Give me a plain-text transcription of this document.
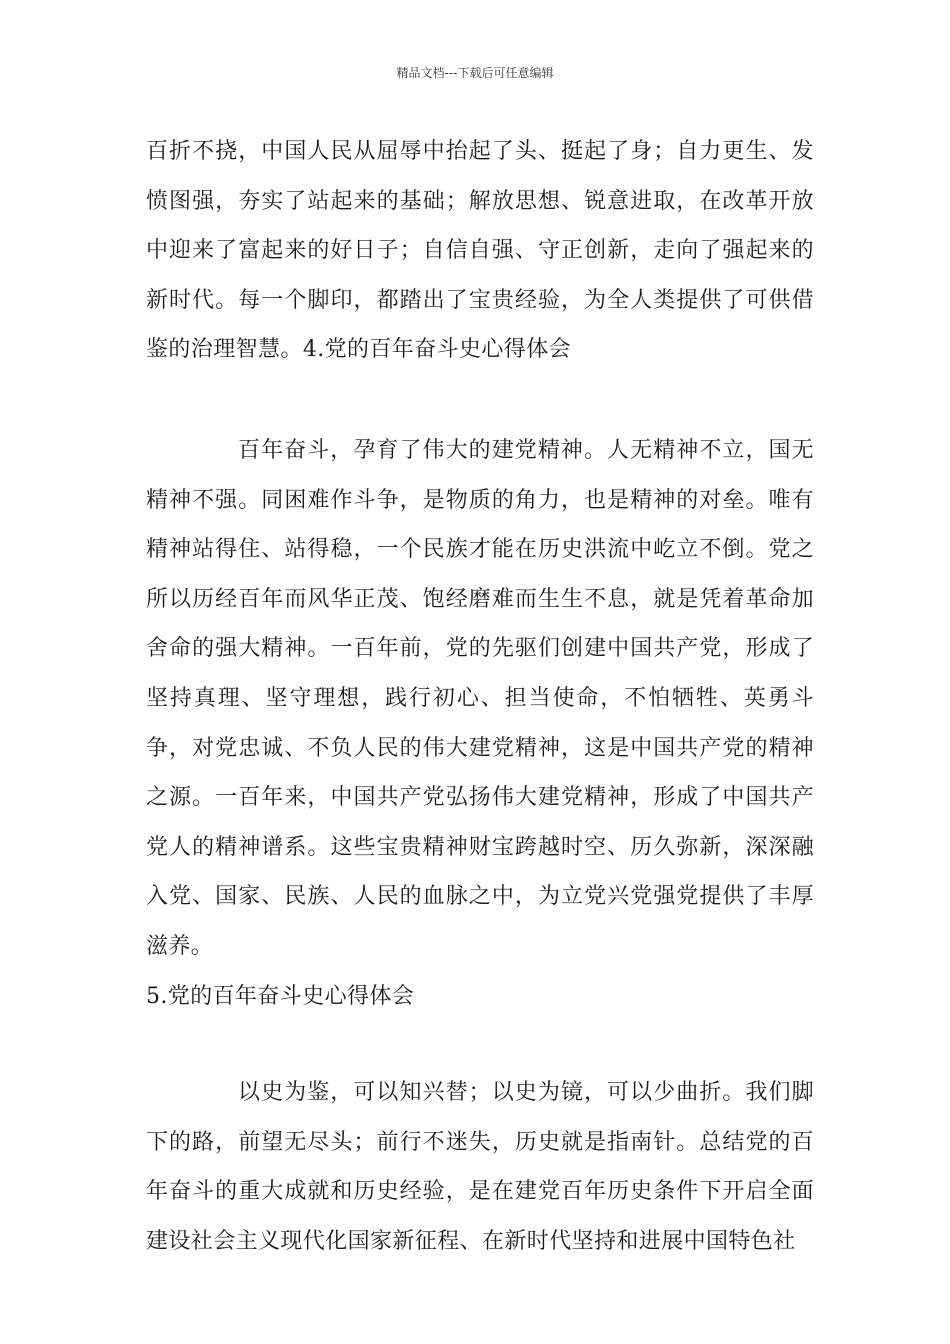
精品文档---下载后可任意编辑

百折不挠，中国人民从屈辱中抬起了头、挺起了身；自力更生、发愤图强，夯实了站起来的基础；解放思想、锐意进取，在改革开放中迎来了富起来的好日子；自信自强、守正创新，走向了强起来的新时代。每一个脚印，都踏出了宝贵经验，为全人类提供了可供借鉴的治理智慧。4.党的百年奋斗史心得体会

百年奋斗，孕育了伟大的建党精神。人无精神不立，国无精神不强。同困难作斗争，是物质的角力，也是精神的对垒。唯有精神站得住、站得稳，一个民族才能在历史洪流中屹立不倒。党之所以历经百年而风华正茂、饱经磨难而生生不息，就是凭着革命加舍命的强大精神。一百年前，党的先驱们创建中国共产党，形成了坚持真理、坚守理想，践行初心、担当使命，不怕牺牲、英勇斗争，对党忠诚、不负人民的伟大建党精神，这是中国共产党的精神之源。一百年来，中国共产党弘扬伟大建党精神，形成了中国共产党人的精神谱系。这些宝贵精神财宝跨越时空、历久弥新，深深融入党、国家、民族、人民的血脉之中，为立党兴党强党提供了丰厚滋养。
5.党的百年奋斗史心得体会

以史为鉴，可以知兴替；以史为镜，可以少曲折。我们脚下的路，前望无尽头；前行不迷失，历史就是指南针。总结党的百年奋斗的重大成就和历史经验，是在建党百年历史条件下开启全面建设社会主义现代化国家新征程、在新时代坚持和进展中国特色社
